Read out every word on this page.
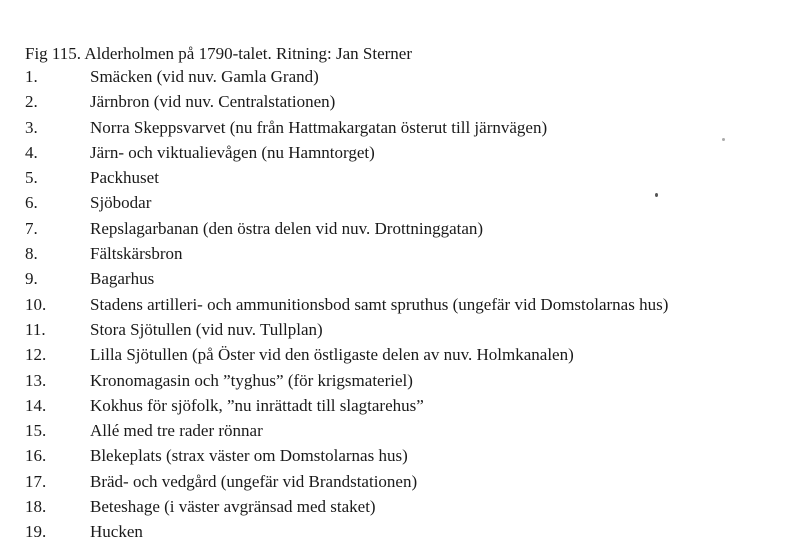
Fig 115. Alderholmen på 1790-talet. Ritning: Jan Sterner
1.	Smäcken (vid nuv. Gamla Grand)
2.	Järnbron (vid nuv. Centralstationen)
3.	Norra Skeppsvarvet (nu från Hattmakargatan österut till järnvägen)
4.	Järn- och viktualievågen (nu Hamntorget)
5.	Packhuset
6.	Sjöbodar
7.	Repslagarbanan (den östra delen vid nuv. Drottninggatan)
8.	Fältskärsbron
9.	Bagarhus
10.	Stadens artilleri- och ammunitionsbod samt spruthus (ungefär vid Domstolarnas hus)
11.	Stora Sjötullen (vid nuv. Tullplan)
12.	Lilla Sjötullen (på Öster vid den östligaste delen av nuv. Holmkanalen)
13.	Kronomagasin och ”tyghus” (för krigsmateriel)
14.	Kokhus för sjöfolk, ”nu inrättadt till slagtarehus”
15.	Allé med tre rader rönnar
16.	Blekeplats (strax väster om Domstolarnas hus)
17.	Bräd- och vedgård (ungefär vid Brandstationen)
18.	Beteshage (i väster avgränsad med staket)
19.	Hucken
